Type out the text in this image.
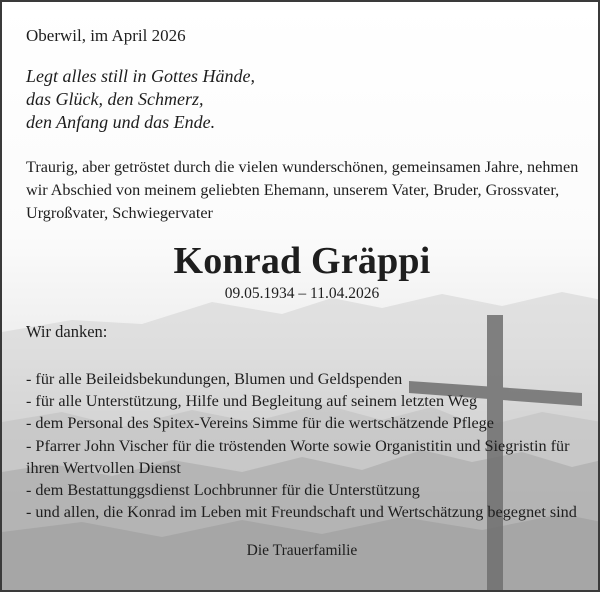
Oberwil, im April 2026
Legt alles still in Gottes Hände,
das Glück, den Schmerz,
den Anfang und das Ende.
Traurig, aber getröstet durch die vielen wunderschönen, gemeinsamen Jahre, nehmen wir Abschied von meinem geliebten Ehemann, unserem Vater, Bruder, Grossvater, Urgroßvater, Schwiegervater
Konrad Gräppi
09.05.1934 – 11.04.2026
Wir danken:
- für alle Beileidsbekundungen, Blumen und Geldspenden
- für alle Unterstützung, Hilfe und Begleitung auf seinem letzten Weg
- dem Personal des Spitex-Vereins Simme für die wertschätzende Pflege
- Pfarrer John Vischer für die tröstenden Worte sowie Organistitin und Siegristin für
ihren Wertvollen Dienst
- dem Bestattunggsdienst Lochbrunner für die Unterstützung
- und allen, die Konrad im Leben mit Freundschaft und Wertschätzung begegnet sind
Die Trauerfamilie
